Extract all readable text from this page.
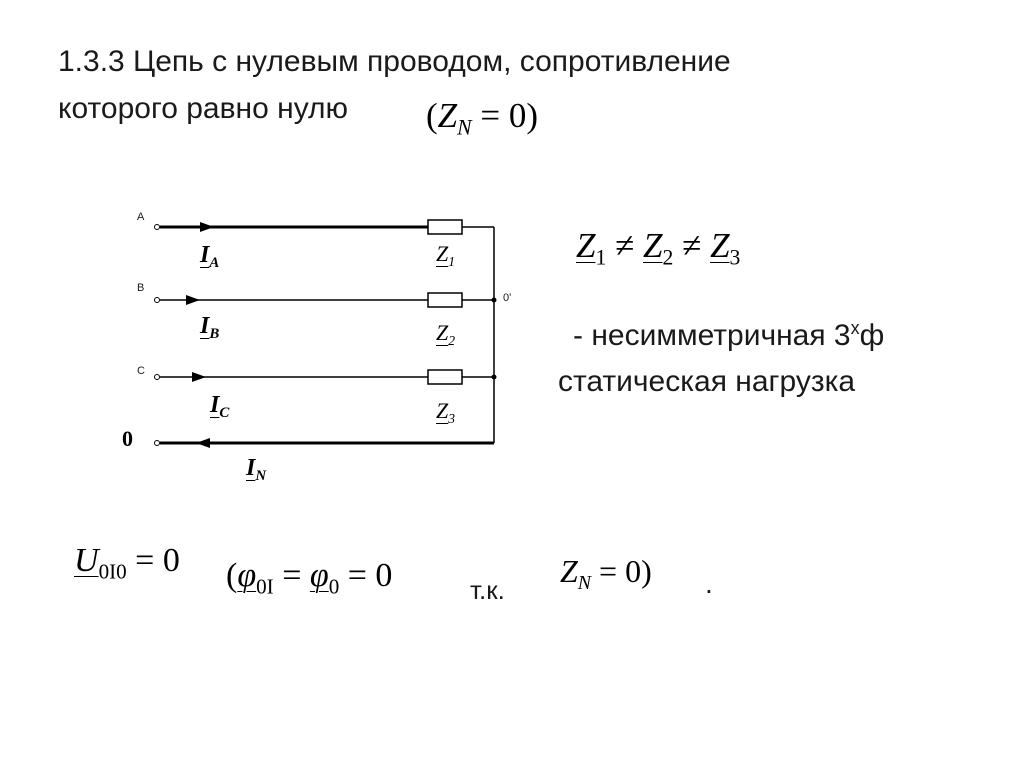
1.3.3 Цепь с нулевым проводом, сопротивление
которого равно нулю	$(Z_N = 0)$
A
B
C
0
0'
$I_A$
$I_B$
$I_C$
$I_N$
$Z_1$
$Z_2$
$Z_3$
$Z_1 \ne Z_2 \ne Z_3$
- несимметричная $3^хф$
статическая нагрузка
$U_{0I0} = 0$ ($\varphi_{0I} = \varphi_0 = 0$	т.к.
$Z_N = 0$) .
